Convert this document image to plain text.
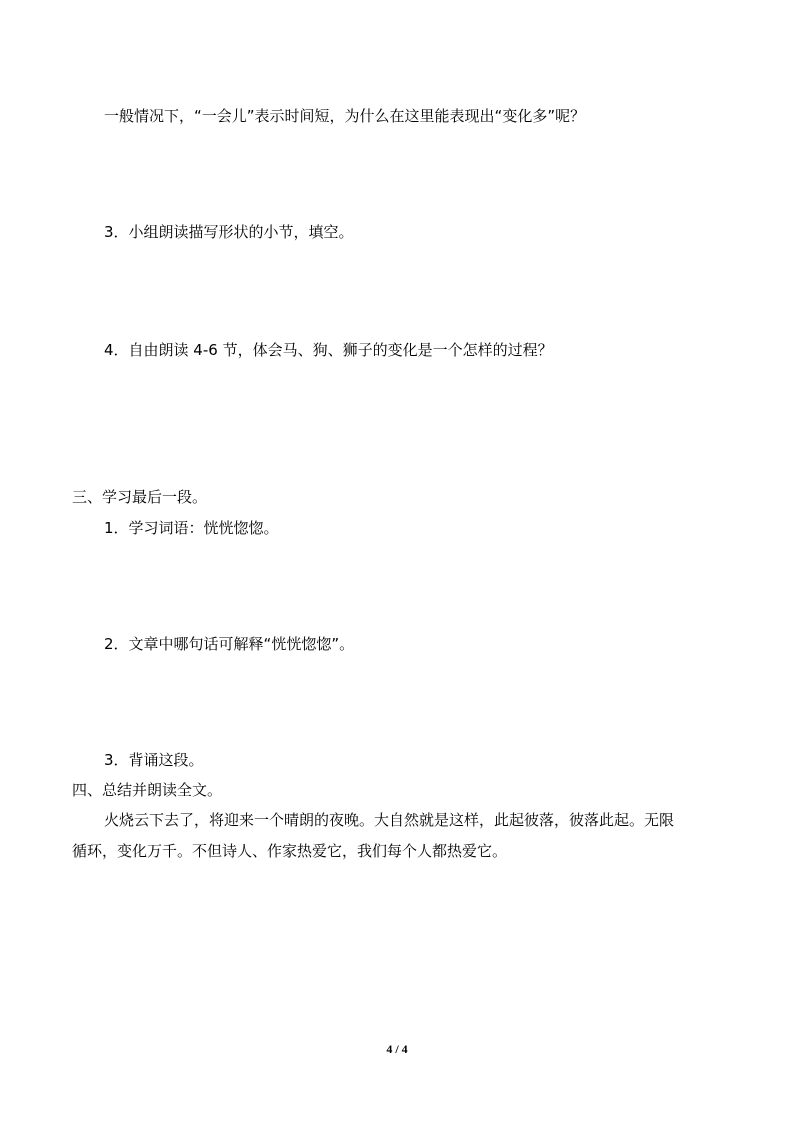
一般情况下，“一会儿”表示时间短，为什么在这里能表现出“变化多”呢？

3．小组朗读描写形状的小节，填空。

4．自由朗读 4-6 节，体会马、狗、狮子的变化是一个怎样的过程？

三、学习最后一段。

1．学习词语：恍恍惚惚。

2．文章中哪句话可解释“恍恍惚惚”。

3．背诵这段。

四、总结并朗读全文。

火烧云下去了，将迎来一个晴朗的夜晚。大自然就是这样，此起彼落，彼落此起。无限

循环，变化万千。不但诗人、作家热爱它，我们每个人都热爱它。

4 / 4
